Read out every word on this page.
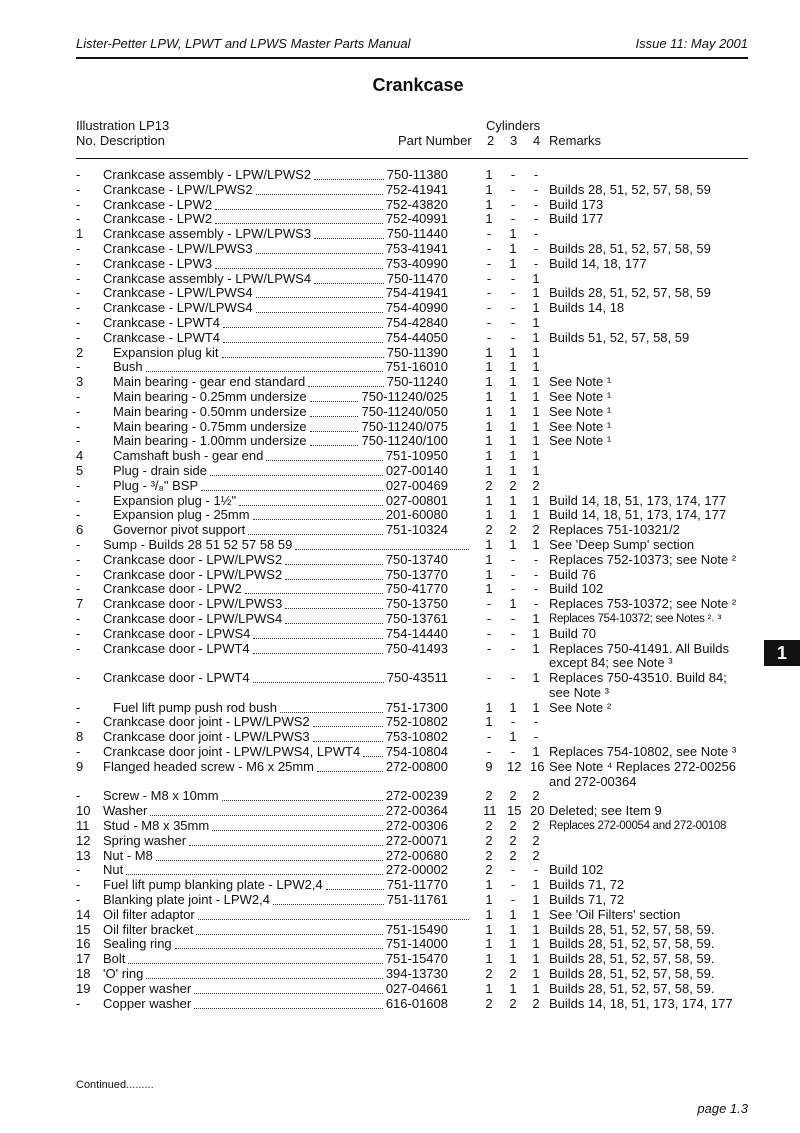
Lister-Petter LPW, LPWT and LPWS Master Parts Manual	Issue 11: May 2001
Crankcase
Illustration LP13
No. Description	Part Number
Cylinders
2 3 4 Remarks
- Crankcase assembly - LPW/LPWS2	750-11380	1 - -
- Crankcase - LPW/LPWS2	752-41941	1 - - Builds 28, 51, 52, 57, 58, 59
- Crankcase - LPW2	752-43820	1 - - Build 173
- Crankcase - LPW2	752-40991	1 - - Build 177
1 Crankcase assembly - LPW/LPWS3	750-11440	- 1 -
- Crankcase - LPW/LPWS3	753-41941	- 1 - Builds 28, 51, 52, 57, 58, 59
- Crankcase - LPW3	753-40990	- 1 - Build 14, 18, 177
- Crankcase assembly - LPW/LPWS4	750-11470	- - 1
- Crankcase - LPW/LPWS4	754-41941	- - 1 Builds 28, 51, 52, 57, 58, 59
- Crankcase - LPW/LPWS4	754-40990	- - 1 Builds 14, 18
- Crankcase - LPWT4	754-42840	- - 1
- Crankcase - LPWT4	754-44050	- - 1 Builds 51, 52, 57, 58, 59
2 Expansion plug kit	750-11390	1 1 1
-	Bush	751-16010	1 1 1
3 Main bearing - gear end standard	750-11240	1 1 1 See Note ¹
-	Main bearing - 0.25mm undersize	750-11240/025	1 1 1 See Note ¹
-	Main bearing - 0.50mm undersize	750-11240/050	1 1 1 See Note ¹
-	Main bearing - 0.75mm undersize	750-11240/075	1 1 1 See Note ¹
-	Main bearing - 1.00mm undersize	750-11240/100	1 1 1 See Note ¹
4 Camshaft bush - gear end	751-10950	1 1 1
5 Plug - drain side	027-00140	1 1 1
-	Plug - ³/₈" BSP	027-00469	2 2 2
-	Expansion plug - 1½"	027-00801	1 1 1 Build 14, 18, 51, 173, 174, 177
-	Expansion plug - 25mm	201-60080	1 1 1 Build 14, 18, 51, 173, 174, 177
6 Governor pivot support	751-10324	2 2 2 Replaces 751-10321/2
- Sump - Builds 28 51 52 57 58 59	1 1 1 See 'Deep Sump' section
- Crankcase door - LPW/LPWS2	750-13740	1 - - Replaces 752-10373; see Note ²
- Crankcase door - LPW/LPWS2	750-13770	1 - - Build 76
- Crankcase door - LPW2	750-41770	1 - - Build 102
7 Crankcase door - LPW/LPWS3	750-13750	- 1 - Replaces 753-10372; see Note ²
- Crankcase door - LPW/LPWS4	750-13761	- - 1 Replaces 754-10372; see Notes ²˒ ³
- Crankcase door - LPWS4	754-14440	- - 1 Build 70
- Crankcase door - LPWT4	750-41493	- - 1 Replaces 750-41491. All Builds
except 84; see Note ³
- Crankcase door - LPWT4	750-43511	- - 1 Replaces 750-43510. Build 84;
see Note ³
-	Fuel lift pump push rod bush	751-17300	1 1 1 See Note ²
- Crankcase door joint - LPW/LPWS2	752-10802	1 - -
8 Crankcase door joint - LPW/LPWS3	753-10802	- 1 -
- Crankcase door joint - LPW/LPWS4, LPWT4 754-10804	- - 1 Replaces 754-10802, see Note ³
9 Flanged headed screw - M6 x 25mm	272-00800	9 12 16 See Note ⁴ Replaces 272-00256
and 272-00364
- Screw - M8 x 10mm	272-00239	2 2 2
10 Washer	272-00364	11 15 20 Deleted; see Item 9
11 Stud - M8 x 35mm	272-00306	2 2 2 Replaces 272-00054 and 272-00108
12 Spring washer	272-00071	2 2 2
13 Nut - M8	272-00680	2 2 2
- Nut	272-00002	2 - - Build 102
- Fuel lift pump blanking plate - LPW2,4	751-11770	1 - 1 Builds 71, 72
- Blanking plate joint - LPW2,4	751-11761	1 - 1 Builds 71, 72
14 Oil filter adaptor	1 1 1 See 'Oil Filters' section
15 Oil filter bracket	751-15490	1 1 1 Builds 28, 51, 52, 57, 58, 59.
16 Sealing ring	751-14000	1 1 1 Builds 28, 51, 52, 57, 58, 59.
17 Bolt	751-15470	1 1 1 Builds 28, 51, 52, 57, 58, 59.
18 'O' ring	394-13730	2 2 1 Builds 28, 51, 52, 57, 58, 59.
19 Copper washer	027-04661	1 1 1 Builds 28, 51, 52, 57, 58, 59.
- Copper washer	616-01608	2 2 2 Builds 14, 18, 51, 173, 174, 177
1
Continued.........
page 1.3
